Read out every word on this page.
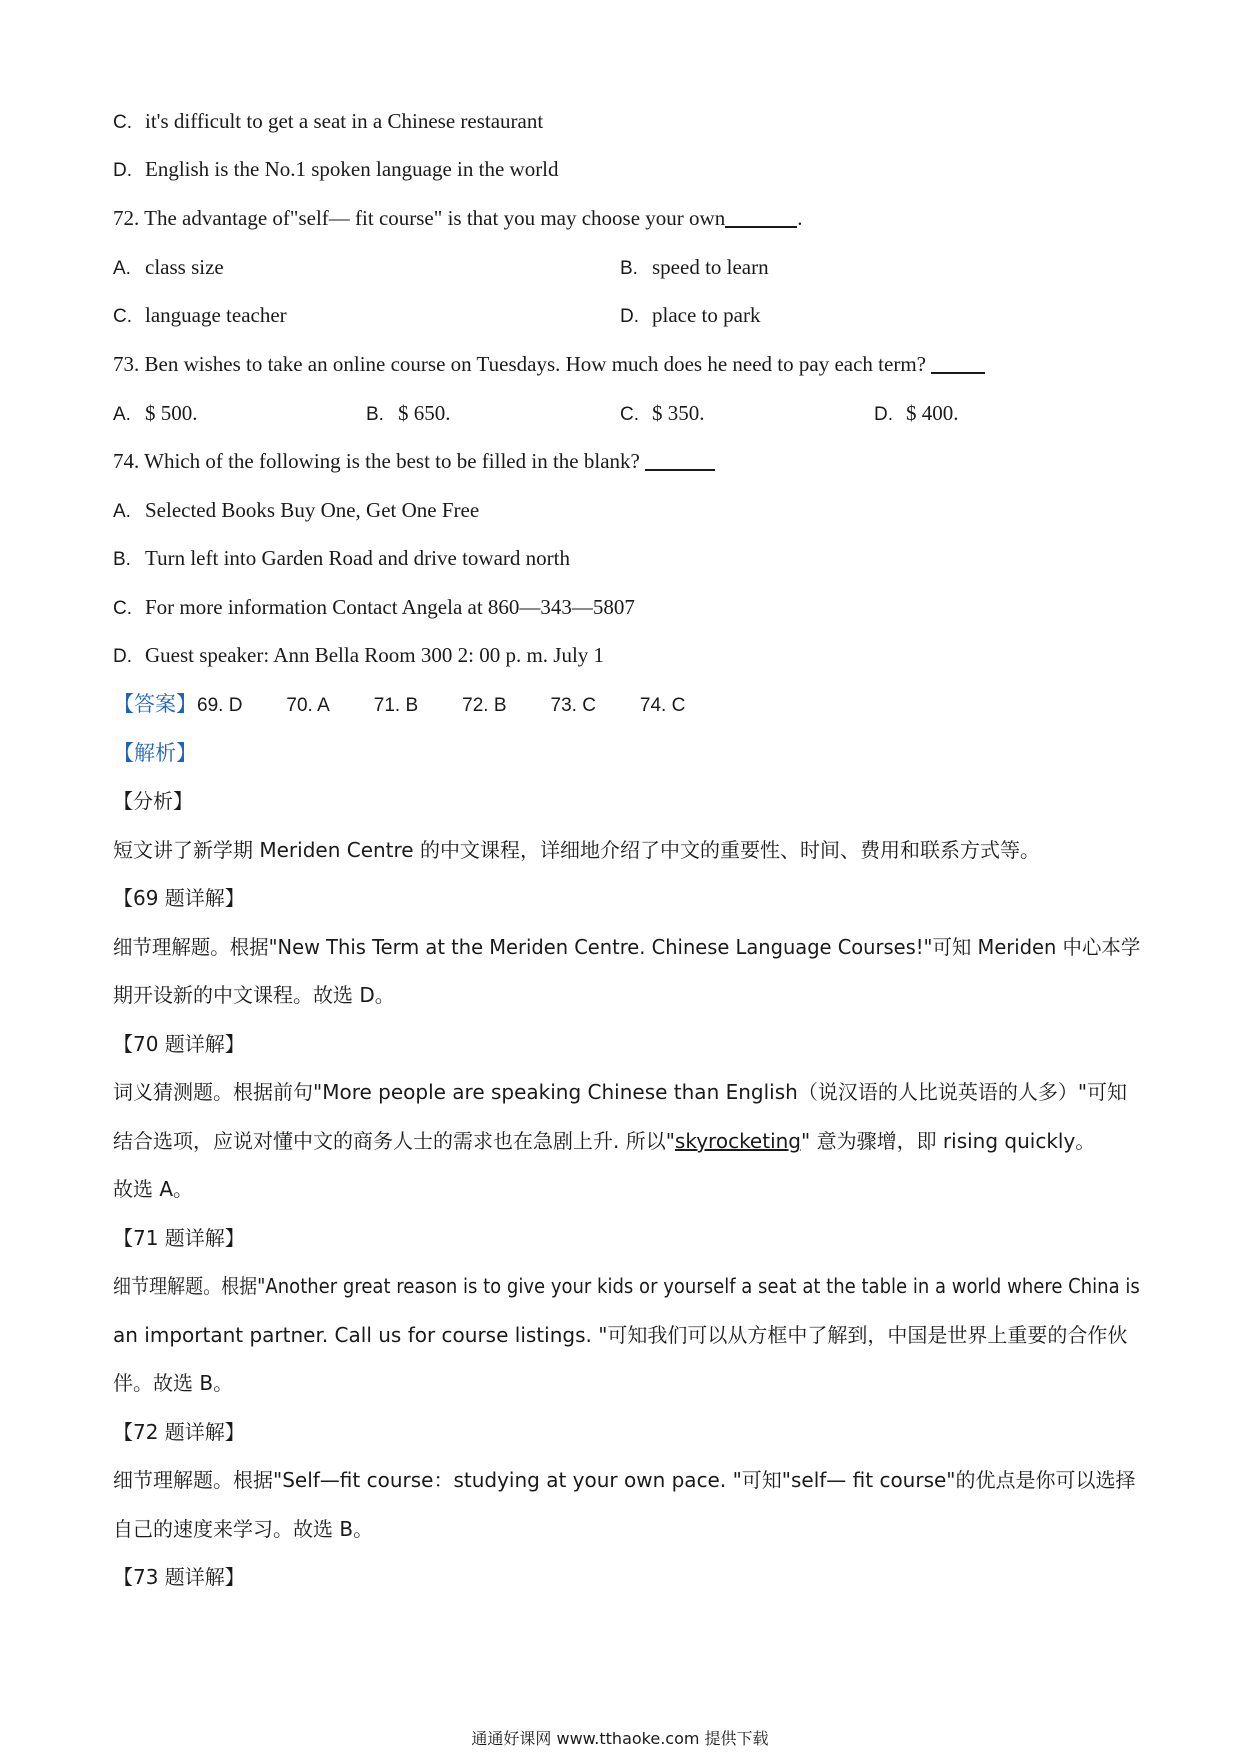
C. it's difficult to get a seat in a Chinese restaurant
D. English is the No.1 spoken language in the world
72. The advantage of"self— fit course" is that you may choose your own	.
A. class size	B. speed to learn
C. language teacher	D. place to park
73. Ben wishes to take an online course on Tuesdays. How much does he need to pay each term?
A. $ 500.	B. $ 650.	C. $ 350.	D. $ 400.
74. Which of the following is the best to be filled in the blank?
A. Selected Books Buy One, Get One Free
B. Turn left into Garden Road and drive toward north
C. For more information Contact Angela at 860—343—5807
D. Guest speaker: Ann Bella Room 300 2: 00 p. m. July 1
【答案】69. D 70. A 71. B 72. B 73. C 74. C
【解析】
【分析】
短文讲了新学期 Meriden Centre 的中文课程，详细地介绍了中文的重要性、时间、费用和联系方式等。
【69 题详解】
细节理解题。根据"New This Term at the Meriden Centre. Chinese Language Courses!"可知 Meriden 中心本学
期开设新的中文课程。故选 D。
【70 题详解】
词义猜测题。根据前句"More people are speaking Chinese than English（说汉语的人比说英语的人多）"可知
结合选项，应说对懂中文的商务人士的需求也在急剧上升. 所以"skyrocketing" 意为骤增，即 rising quickly。
故选 A。
【71 题详解】
细节理解题。根据"Another great reason is to give your kids or yourself a seat at the table in a world where China is
an important partner. Call us for course listings. "可知我们可以从方框中了解到，中国是世界上重要的合作伙
伴。故选 B。
【72 题详解】
细节理解题。根据"Self—fit course：studying at your own pace. "可知"self— fit course"的优点是你可以选择
自己的速度来学习。故选 B。
【73 题详解】
通通好课网 www.tthaoke.com 提供下载
